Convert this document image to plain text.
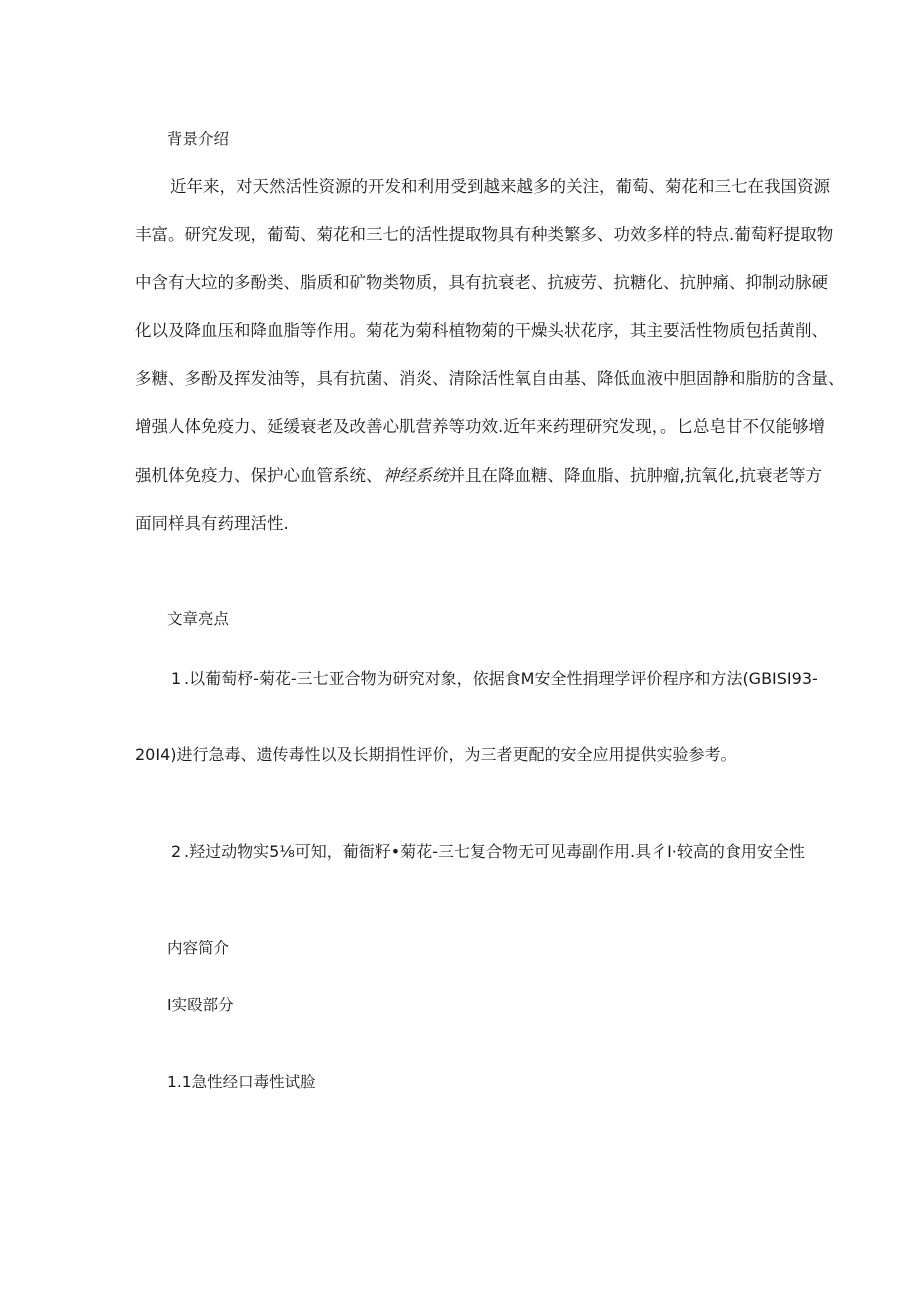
背景介绍

近年来，对天然活性资源的开发和利用受到越来越多的关注，葡萄、菊花和三七在我国资源

丰富。研究发现，葡萄、菊花和三七的活性提取物具有种类繁多、功效多样的特点.葡萄籽提取物

中含有大垃的多酚类、脂质和矿物类物质，具有抗衰老、抗疲劳、抗糖化、抗肿痛、抑制动脉硬

化以及降血压和降血脂等作用。菊花为菊科植物菊的干燥头状花序，其主要活性物质包括黄削、

多糖、多酚及挥发油等，具有抗菌、消炎、清除活性氧自由基、降低血液中胆固静和脂肪的含量、

增强人体免疫力、延缓衰老及改善心肌营养等功效.近年来药理研究发现，。匕总皂甘不仅能够增

强机体免疫力、保护心血管系统、神经系统并且在降血糖、降血脂、抗肿瘤,抗氧化,抗衰老等方

面同样具有药理活性.

文章亮点
1 .以葡萄杼-菊花-三七亚合物为研究对象，依据食M安全性捐理学评价程序和方法(GBISI93-

20I4)进行急毒、遗传毒性以及长期捐性评价，为三者更配的安全应用提供实验参考。

2 .羟过动物实5⅛可知，葡衙籽•菊花-三七复合物无可见毒副作用.具彳I·较高的食用安全性

内容简介
I实殴部分
1.1急性经口毒性试脸
